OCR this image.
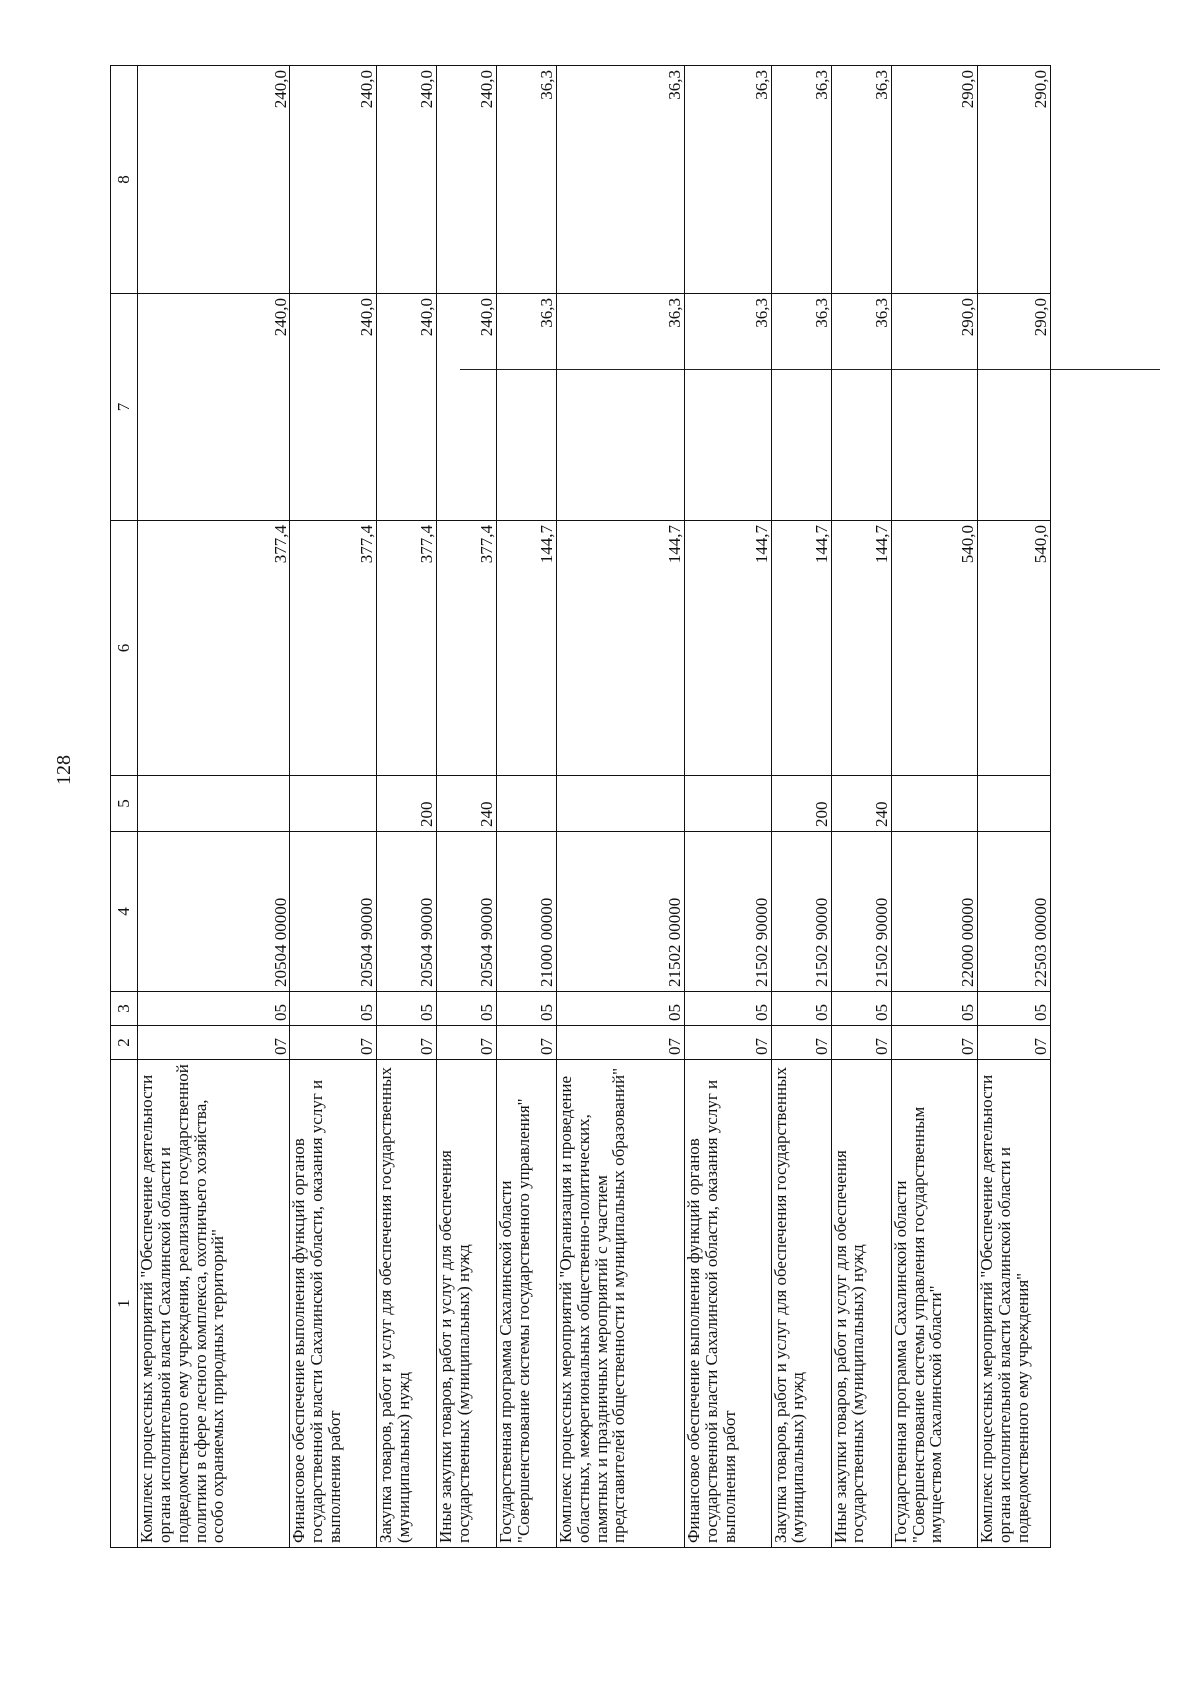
128
1	2	3	4	5	6	7	8
Комплекс процессных мероприятий "Обеспечение деятельности органа исполнительной власти Сахалинской области и подведомственного ему учреждения, реализация государственной политики в сфере лесного комплекса, охотничьего хозяйства, особо охраняемых природных территорий"	07	05	20504 00000		377,4	240,0	240,0
Финансовое обеспечение выполнения функций органов государственной власти Сахалинской области, оказания услуг и выполнения работ	07	05	20504 90000		377,4	240,0	240,0
Закупка товаров, работ и услуг для обеспечения государственных (муниципальных) нужд	07	05	20504 90000	200	377,4	240,0	240,0
Иные закупки товаров, работ и услуг для обеспечения государственных (муниципальных) нужд	07	05	20504 90000	240	377,4	240,0	240,0
Государственная программа Сахалинской области "Совершенствование системы государственного управления"	07	05	21000 00000		144,7	36,3	36,3
Комплекс процессных мероприятий "Организация и проведение областных, межрегиональных общественно-политических, памятных и праздничных мероприятий с участием представителей общественности и муниципальных образований"	07	05	21502 00000		144,7	36,3	36,3
Финансовое обеспечение выполнения функций органов государственной власти Сахалинской области, оказания услуг и выполнения работ	07	05	21502 90000		144,7	36,3	36,3
Закупка товаров, работ и услуг для обеспечения государственных (муниципальных) нужд	07	05	21502 90000	200	144,7	36,3	36,3
Иные закупки товаров, работ и услуг для обеспечения государственных (муниципальных) нужд	07	05	21502 90000	240	144,7	36,3	36,3
Государственная программа Сахалинской области "Совершенствование системы управления государственным имуществом Сахалинской области"	07	05	22000 00000		540,0	290,0	290,0
Комплекс процессных мероприятий "Обеспечение деятельности органа исполнительной власти Сахалинской области и подведомственного ему учреждения"	07	05	22503 00000		540,0	290,0	290,0
